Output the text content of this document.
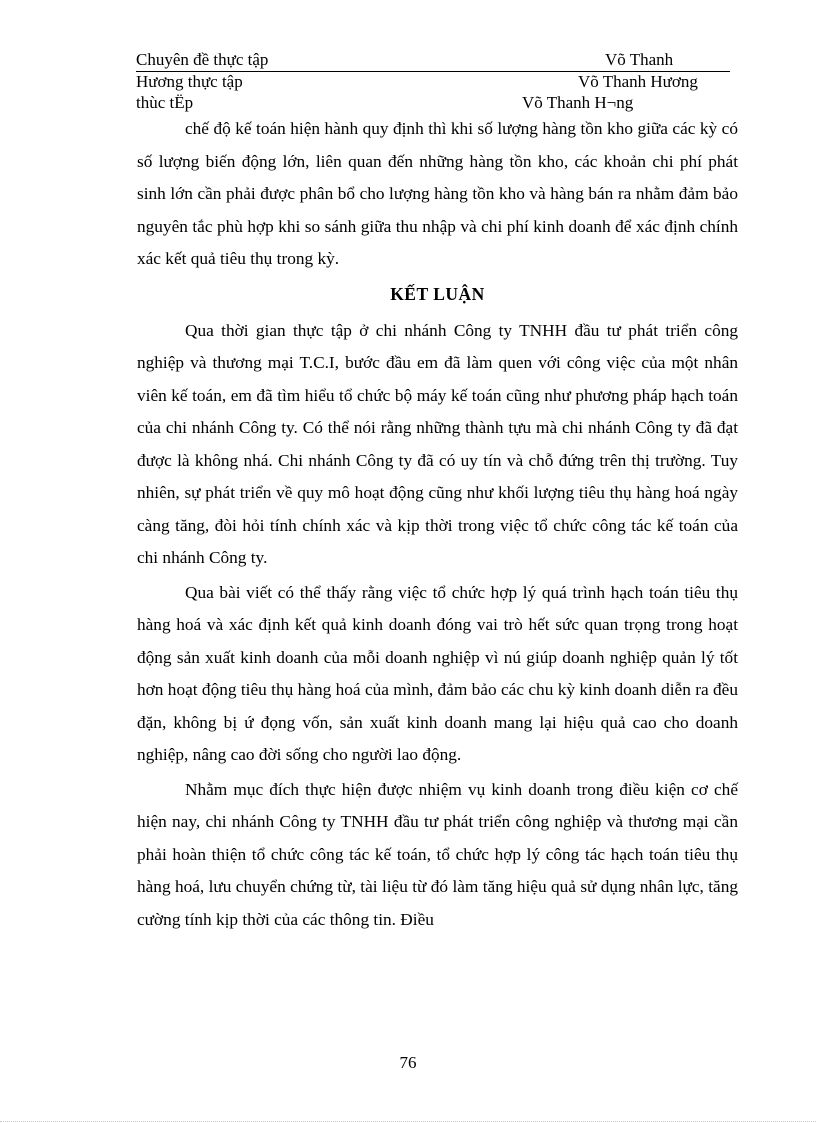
Chuyên đề thực tập	Võ Thanh
Hương thực tập	Võ Thanh Hương
thùc tËp	Võ Thanh H¬ng

chế độ kế toán hiện hành quy định thì khi số lượng hàng tồn kho giữa các kỳ có số lượng biến động lớn, liên quan đến những hàng tồn kho, các khoản chi phí phát sinh lớn cần phải được phân bổ cho lượng hàng tồn kho và hàng bán ra nhằm đảm bảo nguyên tắc phù hợp khi so sánh giữa thu nhập và chi phí kinh doanh để xác định chính xác kết quả tiêu thụ trong kỳ.

KẾT LUẬN

Qua thời gian thực tập ở chi nhánh Công ty TNHH đầu tư phát triển công nghiệp và thương mại T.C.I, bước đầu em đã làm quen với công việc của một nhân viên kế toán, em đã tìm hiểu tổ chức bộ máy kế toán cũng như phương pháp hạch toán của chi nhánh Công ty. Có thể nói rằng những thành tựu mà chi nhánh Công ty đã đạt được là không nhá. Chi nhánh Công ty đã có uy tín và chỗ đứng trên thị trường. Tuy nhiên, sự phát triển về quy mô hoạt động cũng như khối lượng tiêu thụ hàng hoá ngày càng tăng, đòi hỏi tính chính xác và kịp thời trong việc tổ chức công tác kế toán của chi nhánh Công ty.

Qua bài viết có thể thấy rằng việc tổ chức hợp lý quá trình hạch toán tiêu thụ hàng hoá và xác định kết quả kinh doanh đóng vai trò hết sức quan trọng trong hoạt động sản xuất kinh doanh của mỗi doanh nghiệp vì nú giúp doanh nghiệp quản lý tốt hơn hoạt động tiêu thụ hàng hoá của mình, đảm bảo các chu kỳ kinh doanh diễn ra đều đặn, không bị ứ đọng vốn, sản xuất kinh doanh mang lại hiệu quả cao cho doanh nghiệp, nâng cao đời sống cho người lao động.

Nhằm mục đích thực hiện được nhiệm vụ kinh doanh trong điều kiện cơ chế hiện nay, chi nhánh Công ty TNHH đầu tư phát triển công nghiệp và thương mại cần phải hoàn thiện tổ chức công tác kế toán, tổ chức hợp lý công tác hạch toán tiêu thụ hàng hoá, lưu chuyển chứng từ, tài liệu từ đó làm tăng hiệu quả sử dụng nhân lực, tăng cường tính kịp thời của các thông tin. Điều

76
